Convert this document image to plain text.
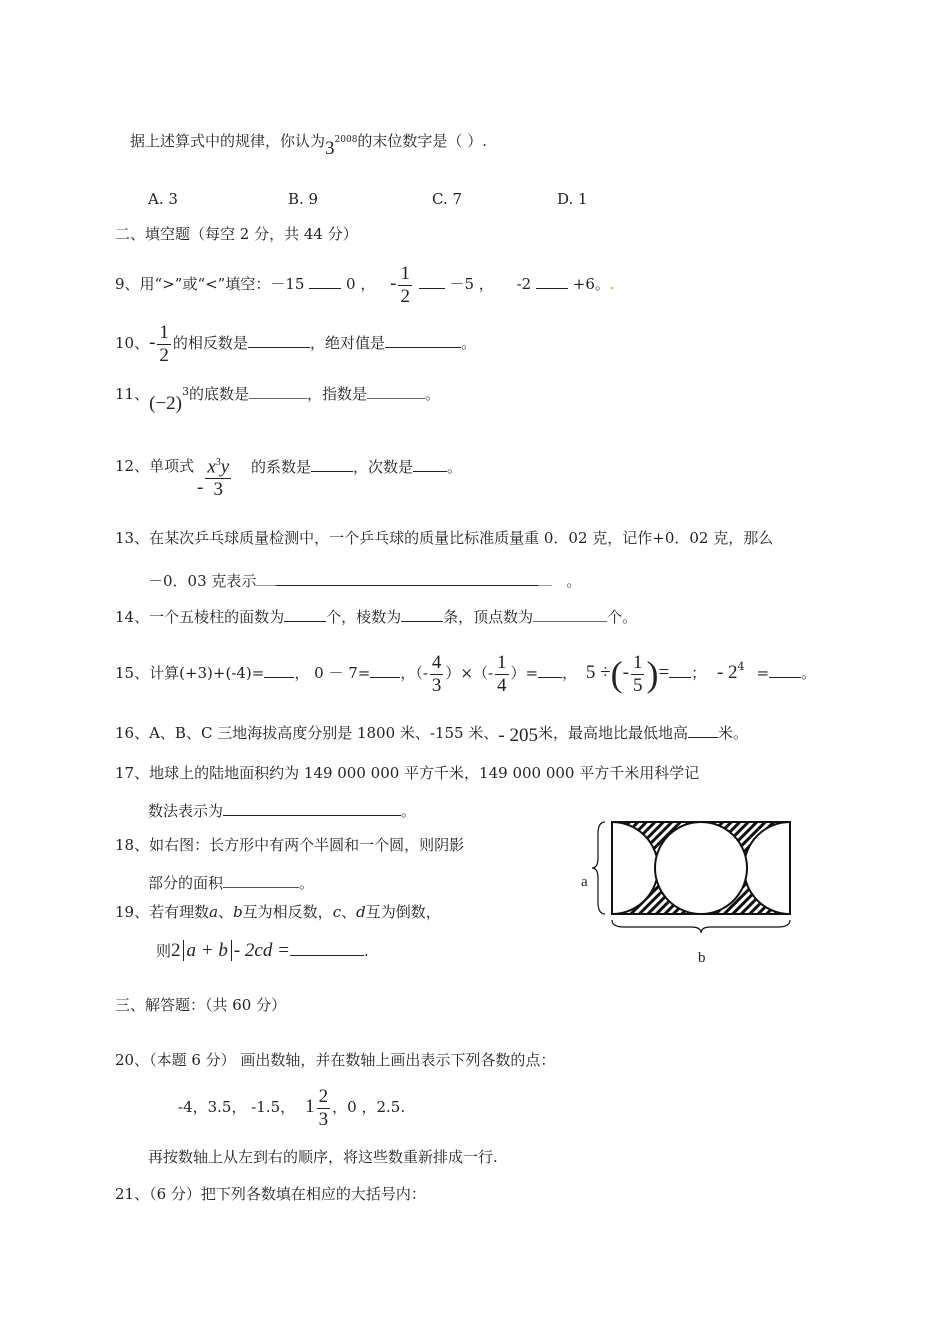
据上述算式中的规律，你认为$3^{2008}$的末位数字是（ ）.
A. 3	B. 9	C. 7	D. 1
二、填空题（每空 2 分，共 44 分）
9、用“>”或“<”填空：－15	0 ， - $\frac{1}{2}$	－5 ， -2	+6。.
10、- $\frac{1}{2}$ 的相反数是	，绝对值是	。
11、$(-2)^3$的底数是	，指数是	。
12、单项式
- $\frac{x^3y}{3}$ 的系数是	，次数是 。
13、在某次乒乓球质量检测中，一个乒乓球的质量比标准质量重 0．02 克，记作+0．02 克，那么
－0．03 克表示	。
14、一个五棱柱的面数为	个，棱数为	条，顶点数为	个。
15、计算(+3)+(-4)= ， 0 － 7= ，（- $\frac{4}{3}$ ）×（- $\frac{1}{4}$ ）= ， 5 ÷(- $\frac{1}{5}$ )= ； - $2^4$ = 。
16、A、B、C 三地海拔高度分别是 1800 米、-155 米、- 205米，最高地比最低地高 米。
17、地球上的陆地面积约为 149 000 000 平方千米，149 000 000 平方千米用科学记
数法表示为	。
18、如右图：长方形中有两个半圆和一个圆，则阴影
部分的面积	。
19、若有理数a、b互为相反数，c、d互为倒数，
则2 a + b - 2cd =	.
a
b
三、解答题：（共 60 分）
20、（本题 6 分） 画出数轴，并在数轴上画出表示下列各数的点：
-4，3.5， -1.5， $1 \frac{2}{3}$ ，0 ，2.5.
再按数轴上从左到右的顺序，将这些数重新排成一行.
21、（6 分）把下列各数填在相应的大括号内：
